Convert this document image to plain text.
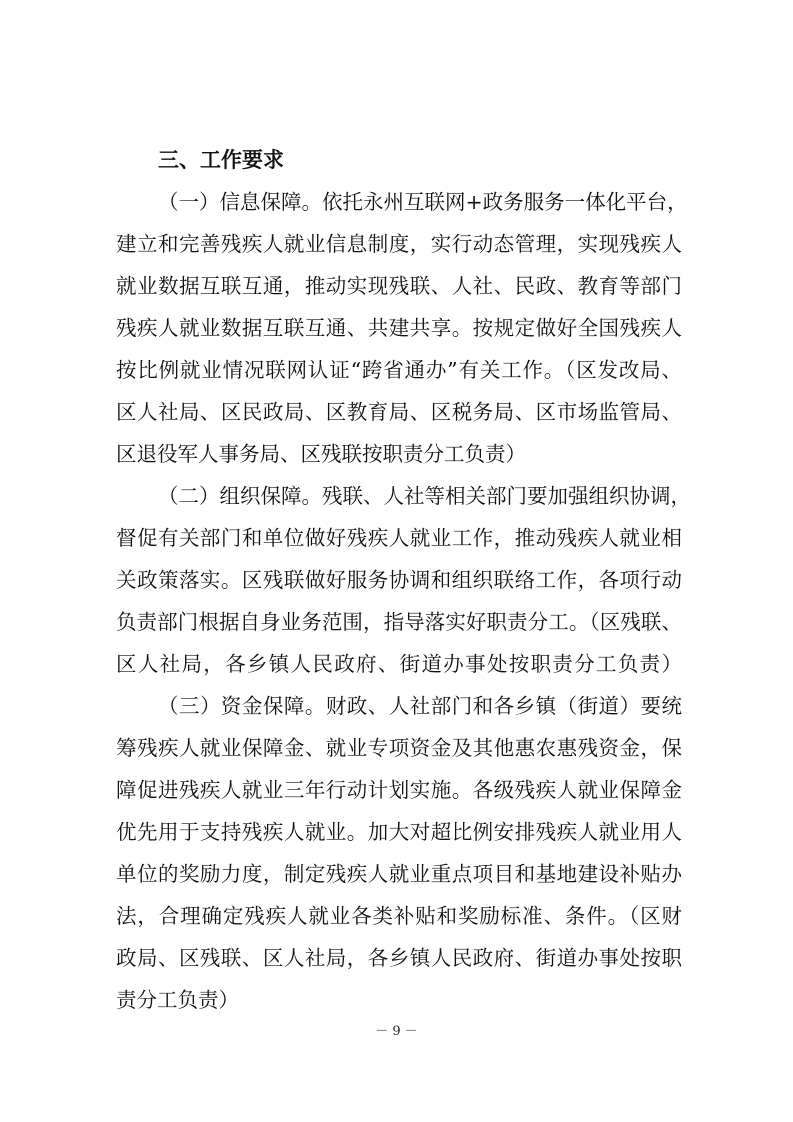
三、工作要求
（一）信息保障。依托永州互联网+政务服务一体化平台，
建立和完善残疾人就业信息制度，实行动态管理，实现残疾人
就业数据互联互通，推动实现残联、人社、民政、教育等部门
残疾人就业数据互联互通、共建共享。按规定做好全国残疾人
按比例就业情况联网认证“跨省通办”有关工作。（区发改局、
区人社局、区民政局、区教育局、区税务局、区市场监管局、
区退役军人事务局、区残联按职责分工负责）
（二）组织保障。残联、人社等相关部门要加强组织协调，
督促有关部门和单位做好残疾人就业工作，推动残疾人就业相
关政策落实。区残联做好服务协调和组织联络工作，各项行动
负责部门根据自身业务范围，指导落实好职责分工。（区残联、
区人社局，各乡镇人民政府、街道办事处按职责分工负责）
（三）资金保障。财政、人社部门和各乡镇（街道）要统
筹残疾人就业保障金、就业专项资金及其他惠农惠残资金，保
障促进残疾人就业三年行动计划实施。各级残疾人就业保障金
优先用于支持残疾人就业。加大对超比例安排残疾人就业用人
单位的奖励力度，制定残疾人就业重点项目和基地建设补贴办
法，合理确定残疾人就业各类补贴和奖励标准、条件。（区财
政局、区残联、区人社局，各乡镇人民政府、街道办事处按职
责分工负责）
－ 9 －
